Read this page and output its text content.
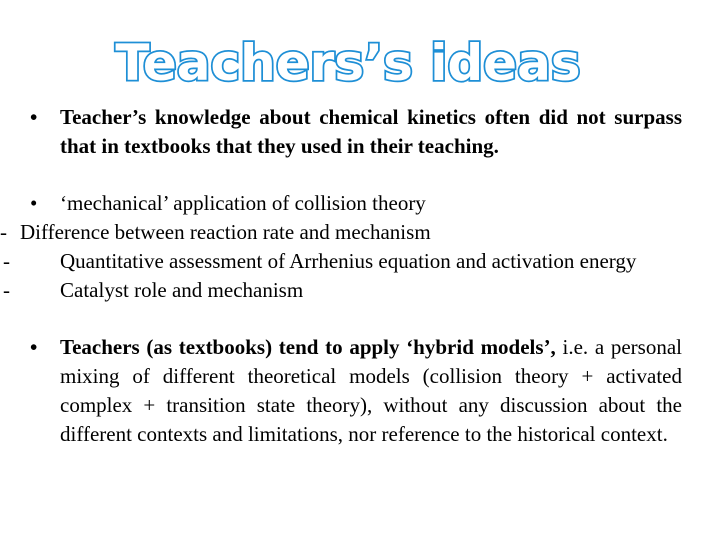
Teachers’s ideas
• Teacher’s knowledge about chemical kinetics often did not surpass that in textbooks that they used in their teaching.
• ‘mechanical’ application of collision theory
- Difference between reaction rate and mechanism
- Quantitative assessment of Arrhenius equation and activation energy
- Catalyst role and mechanism
• Teachers (as textbooks) tend to apply ‘hybrid models’, i.e. a personal mixing of different theoretical models (collision theory + activated complex + transition state theory), without any discussion about the different contexts and limitations, nor reference to the historical context.
